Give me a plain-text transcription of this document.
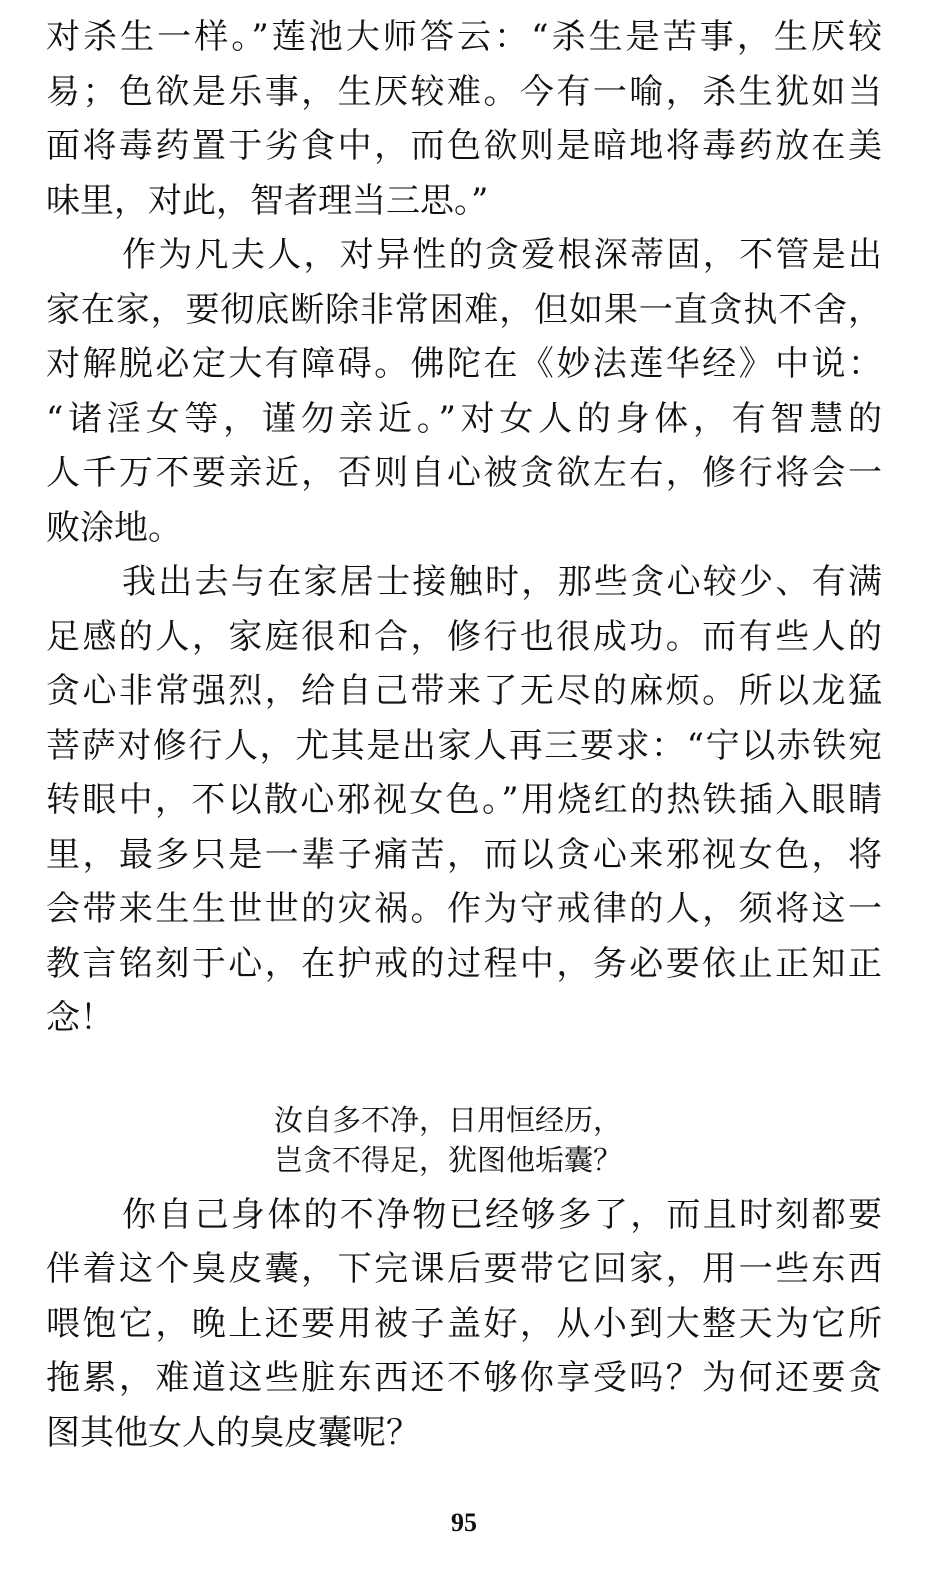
对杀生一样。”莲池大师答云：“杀生是苦事，生厌较
易；色欲是乐事，生厌较难。今有一喻，杀生犹如当
面将毒药置于劣食中，而色欲则是暗地将毒药放在美
味里，对此，智者理当三思。”
作为凡夫人，对异性的贪爱根深蒂固，不管是出
家在家，要彻底断除非常困难，但如果一直贪执不舍，
对解脱必定大有障碍。佛陀在《妙法莲华经》中说：
“诸淫女等，谨勿亲近。”对女人的身体，有智慧的
人千万不要亲近，否则自心被贪欲左右，修行将会一
败涂地。
我出去与在家居士接触时，那些贪心较少、有满
足感的人，家庭很和合，修行也很成功。而有些人的
贪心非常强烈，给自己带来了无尽的麻烦。所以龙猛
菩萨对修行人，尤其是出家人再三要求：“宁以赤铁宛
转眼中，不以散心邪视女色。”用烧红的热铁插入眼睛
里，最多只是一辈子痛苦，而以贪心来邪视女色，将
会带来生生世世的灾祸。作为守戒律的人，须将这一
教言铭刻于心，在护戒的过程中，务必要依止正知正
念！
汝自多不净，日用恒经历，
岂贪不得足，犹图他垢囊？
你自己身体的不净物已经够多了，而且时刻都要
伴着这个臭皮囊，下完课后要带它回家，用一些东西
喂饱它，晚上还要用被子盖好，从小到大整天为它所
拖累，难道这些脏东西还不够你享受吗？为何还要贪
图其他女人的臭皮囊呢？
95
